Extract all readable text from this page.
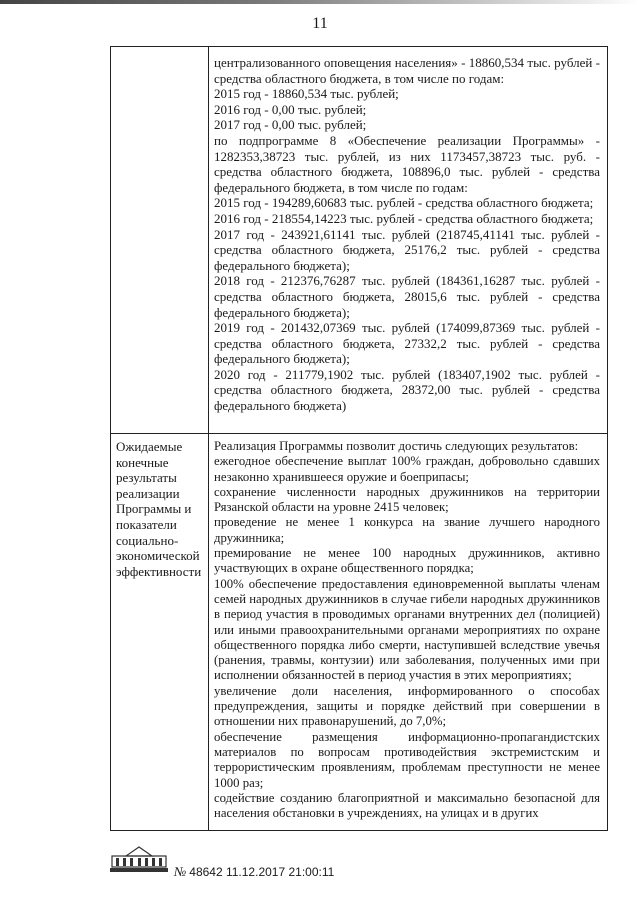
11

централизованного оповещения населения» - 18860,534 тыс. рублей - средства областного бюджета, в том числе по годам:

2015 год - 18860,534 тыс. рублей;

2016 год - 0,00 тыс. рублей;

2017 год - 0,00 тыс. рублей;

по подпрограмме 8 «Обеспечение реализации Программы» - 1282353,38723 тыс. рублей, из них 1173457,38723 тыс. руб. - средства областного бюджета, 108896,0 тыс. рублей - средства федерального бюджета, в том числе по годам:

2015 год - 194289,60683 тыс. рублей - средства областного бюджета;

2016 год - 218554,14223 тыс. рублей - средства областного бюджета;

2017 год - 243921,61141 тыс. рублей (218745,41141 тыс. рублей - средства областного бюджета, 25176,2 тыс. рублей - средства федерального бюджета);

2018 год - 212376,76287 тыс. рублей (184361,16287 тыс. рублей - средства областного бюджета, 28015,6 тыс. рублей - средства федерального бюджета);

2019 год - 201432,07369 тыс. рублей (174099,87369 тыс. рублей - средства областного бюджета, 27332,2 тыс. рублей - средства федерального бюджета);

2020 год - 211779,1902 тыс. рублей (183407,1902 тыс. рублей - средства областного бюджета, 28372,00 тыс. рублей - средства федерального бюджета)

Ожидаемые
конечные
результаты
реализации
Программы и
показатели
социально-
экономической
эффективности

Реализация Программы позволит достичь следующих результатов:

ежегодное обеспечение выплат 100% граждан, добровольно сдавших незаконно хранившееся оружие и боеприпасы;

сохранение численности народных дружинников на территории Рязанской области на уровне 2415 человек;

проведение не менее 1 конкурса на звание лучшего народного дружинника;

премирование не менее 100 народных дружинников, активно участвующих в охране общественного порядка;

100% обеспечение предоставления единовременной выплаты членам семей народных дружинников в случае гибели народных дружинников в период участия в проводимых органами внутренних дел (полицией) или иными правоохранительными органами мероприятиях по охране общественного порядка либо смерти, наступившей вследствие увечья (ранения, травмы, контузии) или заболевания, полученных ими при исполнении обязанностей в период участия в этих мероприятиях;

увеличение доли населения, информированного о способах предупреждения, защиты и порядке действий при совершении в отношении них правонарушений, до 7,0%;

обеспечение размещения информационно-пропагандистских материалов по вопросам противодействия экстремистским и террористическим проявлениям, проблемам преступности не менее 1000 раз;

содействие созданию благоприятной и максимально безопасной для населения обстановки в учреждениях, на улицах и в других

№ 48642 11.12.2017 21:00:11
